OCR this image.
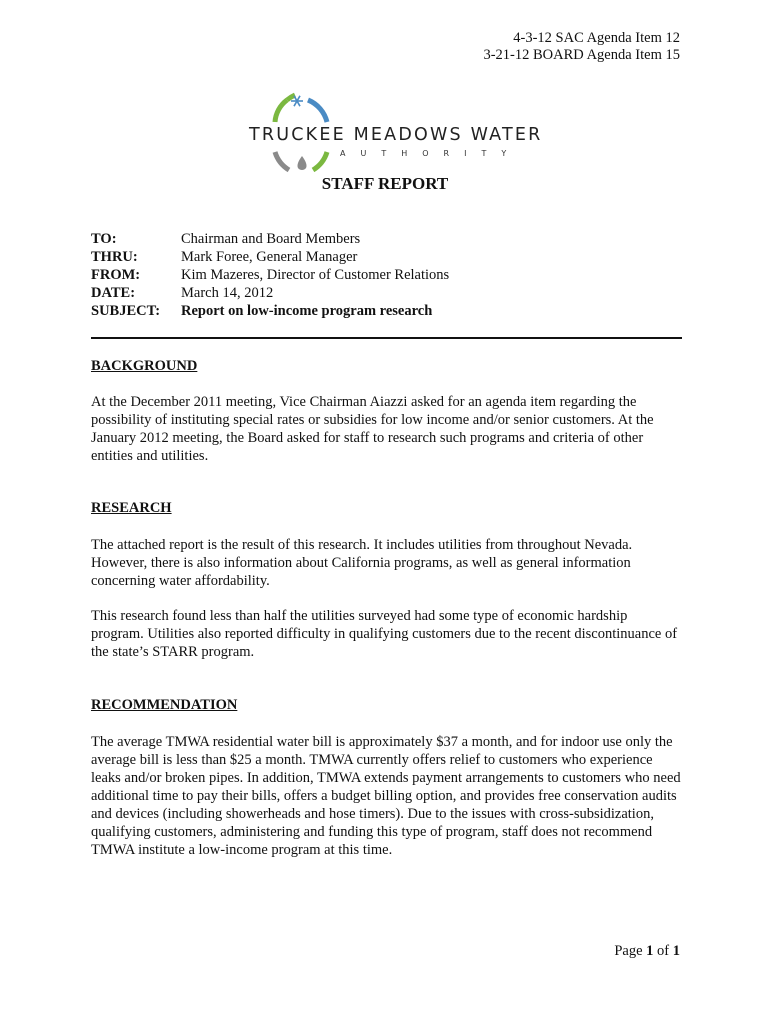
4-3-12 SAC Agenda Item 12
3-21-12 BOARD Agenda Item 15
TRUCKEE MEADOWS WATER
AUTHORITY
STAFF REPORT
TO:	Chairman and Board Members
THRU:	Mark Foree, General Manager
FROM:	Kim Mazeres, Director of Customer Relations
DATE:	March 14, 2012
SUBJECT:	Report on low-income program research
BACKGROUND
At the December 2011 meeting, Vice Chairman Aiazzi asked for an agenda item regarding the possibility of instituting special rates or subsidies for low income and/or senior customers. At the January 2012 meeting, the Board asked for staff to research such programs and criteria of other entities and utilities.
RESEARCH
The attached report is the result of this research. It includes utilities from throughout Nevada. However, there is also information about California programs, as well as general information concerning water affordability.
This research found less than half the utilities surveyed had some type of economic hardship program. Utilities also reported difficulty in qualifying customers due to the recent discontinuance of the state’s STARR program.
RECOMMENDATION
The average TMWA residential water bill is approximately $37 a month, and for indoor use only the average bill is less than $25 a month. TMWA currently offers relief to customers who experience leaks and/or broken pipes. In addition, TMWA extends payment arrangements to customers who need additional time to pay their bills, offers a budget billing option, and provides free conservation audits and devices (including showerheads and hose timers). Due to the issues with cross-subsidization, qualifying customers, administering and funding this type of program, staff does not recommend TMWA institute a low-income program at this time.
Page 1 of 1
